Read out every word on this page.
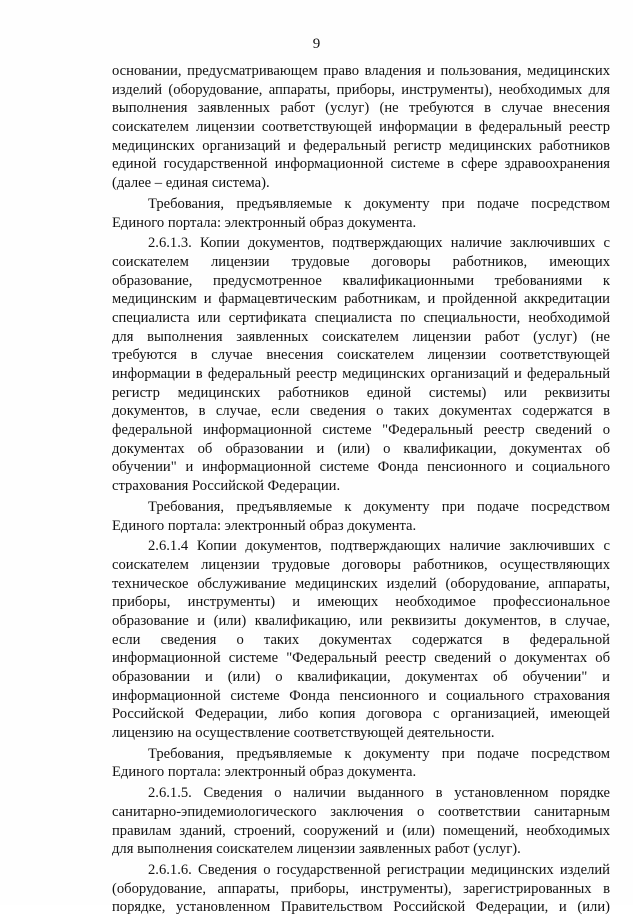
9
основании, предусматривающем право владения и пользования, медицинских
изделий (оборудование, аппараты, приборы, инструменты), необходимых для
выполнения заявленных работ (услуг) (не требуются в случае внесения
соискателем лицензии соответствующей информации в федеральный реестр
медицинских организаций и федеральный регистр медицинских работников
единой государственной информационной системе в сфере здравоохранения
(далее – единая система).
Требования, предъявляемые к документу при подаче посредством
Единого портала: электронный образ документа.
2.6.1.3. Копии документов, подтверждающих наличие заключивших с
соискателем лицензии трудовые договоры работников, имеющих
образование, предусмотренное квалификационными требованиями к
медицинским и фармацевтическим работникам, и пройденной аккредитации
специалиста или сертификата специалиста по специальности, необходимой
для выполнения заявленных соискателем лицензии работ (услуг) (не
требуются в случае внесения соискателем лицензии соответствующей
информации в федеральный реестр медицинских организаций и федеральный
регистр медицинских работников единой системы) или реквизиты
документов, в случае, если сведения о таких документах содержатся в
федеральной информационной системе "Федеральный реестр сведений о
документах об образовании и (или) о квалификации, документах об
обучении" и информационной системе Фонда пенсионного и социального
страхования Российской Федерации.
Требования, предъявляемые к документу при подаче посредством
Единого портала: электронный образ документа.
2.6.1.4 Копии документов, подтверждающих наличие заключивших с
соискателем лицензии трудовые договоры работников, осуществляющих
техническое обслуживание медицинских изделий (оборудование, аппараты,
приборы, инструменты) и имеющих необходимое профессиональное
образование и (или) квалификацию, или реквизиты документов, в случае,
если сведения о таких документах содержатся в федеральной
информационной системе "Федеральный реестр сведений о документах об
образовании и (или) о квалификации, документах об обучении" и
информационной системе Фонда пенсионного и социального страхования
Российской Федерации, либо копия договора с организацией, имеющей
лицензию на осуществление соответствующей деятельности.
Требования, предъявляемые к документу при подаче посредством
Единого портала: электронный образ документа.
2.6.1.5. Сведения о наличии выданного в установленном порядке
санитарно-эпидемиологического заключения о соответствии санитарным
правилам зданий, строений, сооружений и (или) помещений, необходимых
для выполнения соискателем лицензии заявленных работ (услуг).
2.6.1.6. Сведения о государственной регистрации медицинских изделий
(оборудование, аппараты, приборы, инструменты), зарегистрированных в
порядке, установленном Правительством Российской Федерации, и (или)
